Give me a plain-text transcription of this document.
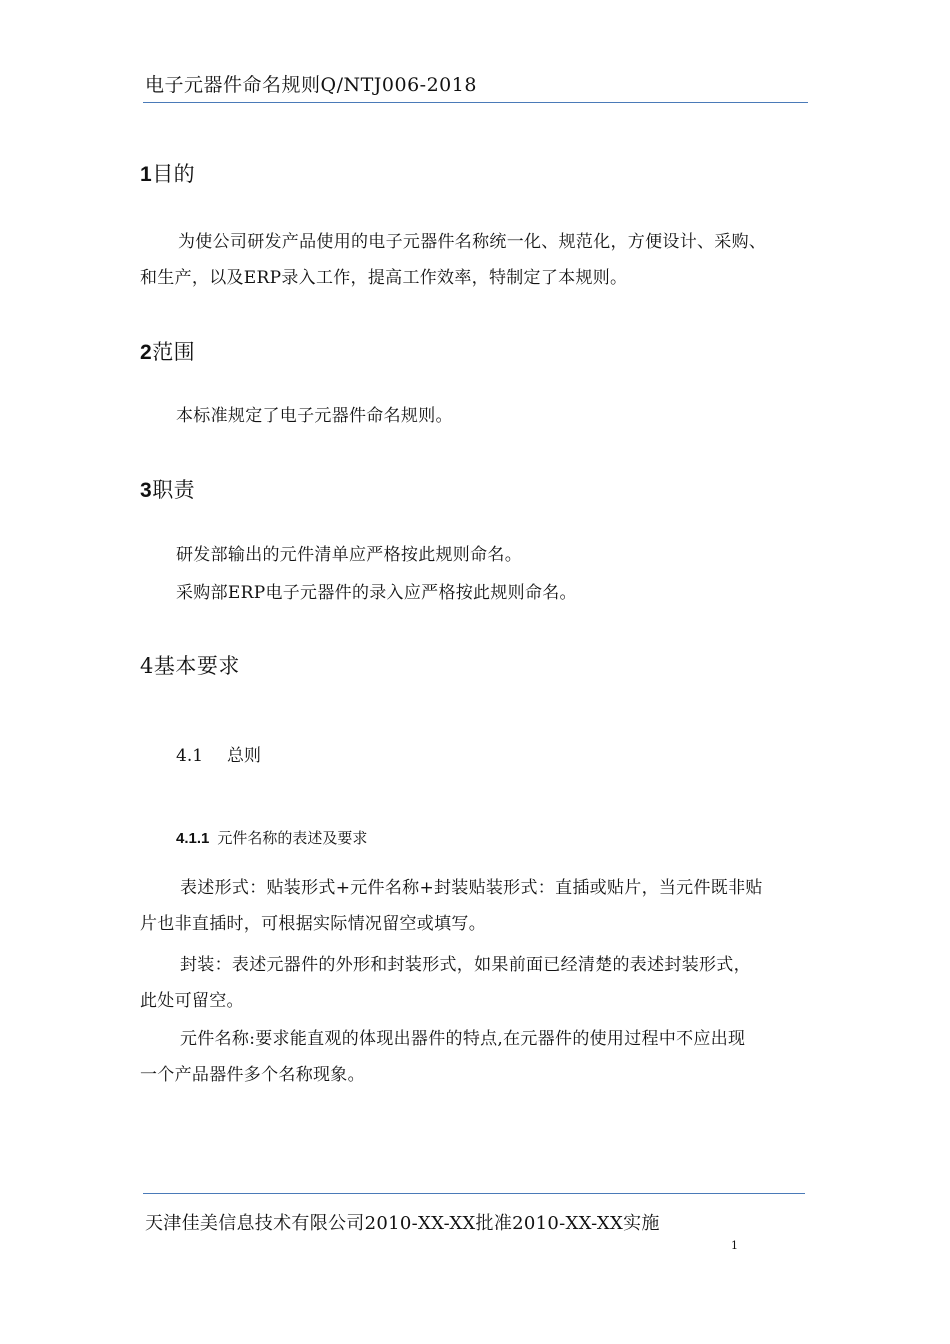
电子元器件命名规则Q/NTJ006-2018
1目的
为使公司研发产品使用的电子元器件名称统一化、规范化，方便设计、采购、
和生产，以及ERP录入工作，提高工作效率，特制定了本规则。
2范围
本标准规定了电子元器件命名规则。
3职责
研发部输出的元件清单应严格按此规则命名。
采购部ERP电子元器件的录入应严格按此规则命名。
4基本要求
4.1 总则
4.1.1 元件名称的表述及要求
表述形式：贴装形式+元件名称+封装贴装形式：直插或贴片，当元件既非贴
片也非直插时，可根据实际情况留空或填写。
封装：表述元器件的外形和封装形式，如果前面已经清楚的表述封装形式，
此处可留空。
元件名称:要求能直观的体现出器件的特点,在元器件的使用过程中不应出现
一个产品器件多个名称现象。
天津佳美信息技术有限公司2010-XX-XX批准2010-XX-XX实施
1
